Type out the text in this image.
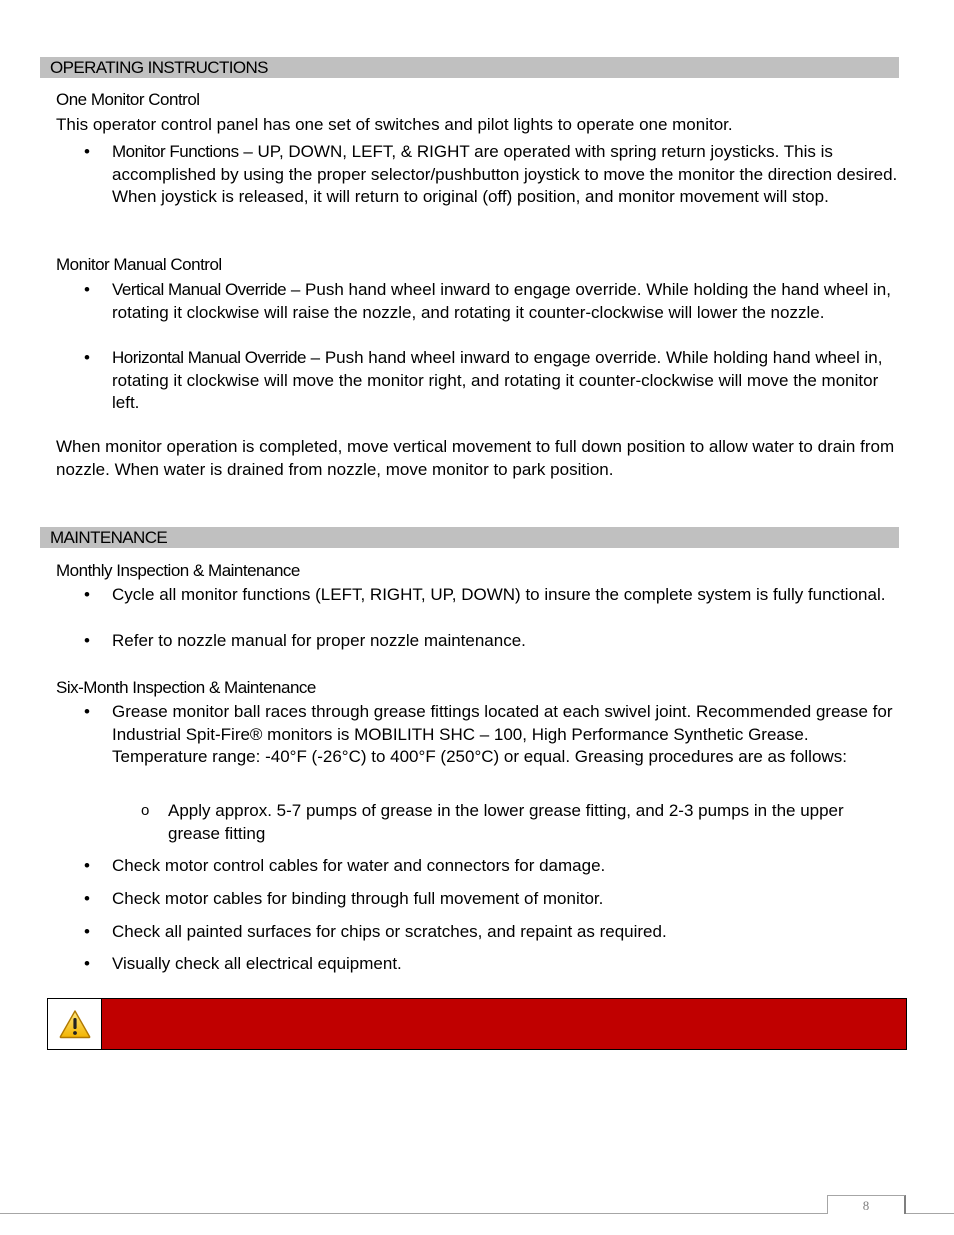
OPERATING INSTRUCTIONS
One Monitor Control
This operator control panel has one set of switches and pilot lights to operate one monitor.
• Monitor Functions – UP, DOWN, LEFT, & RIGHT are operated with spring return joysticks. This is accomplished by using the proper selector/pushbutton joystick to move the monitor the direction desired. When joystick is released, it will return to original (off) position, and monitor movement will stop.
Monitor Manual Control
• Vertical Manual Override – Push hand wheel inward to engage override. While holding the hand wheel in, rotating it clockwise will raise the nozzle, and rotating it counter-clockwise will lower the nozzle.
• Horizontal Manual Override – Push hand wheel inward to engage override. While holding hand wheel in, rotating it clockwise will move the monitor right, and rotating it counter-clockwise will move the monitor left.
When monitor operation is completed, move vertical movement to full down position to allow water to drain from nozzle. When water is drained from nozzle, move monitor to park position.
MAINTENANCE
Monthly Inspection & Maintenance
• Cycle all monitor functions (LEFT, RIGHT, UP, DOWN) to insure the complete system is fully functional.
• Refer to nozzle manual for proper nozzle maintenance.
Six-Month Inspection & Maintenance
• Grease monitor ball races through grease fittings located at each swivel joint. Recommended grease for Industrial Spit-Fire® monitors is MOBILITH SHC – 100, High Performance Synthetic Grease. Temperature range: -40°F (-26°C) to 400°F (250°C) or equal. Greasing procedures are as follows:
o Apply approx. 5-7 pumps of grease in the lower grease fitting, and 2-3 pumps in the upper grease fitting
• Check motor control cables for water and connectors for damage.
• Check motor cables for binding through full movement of monitor.
• Check all painted surfaces for chips or scratches, and repaint as required.
• Visually check all electrical equipment.
8
